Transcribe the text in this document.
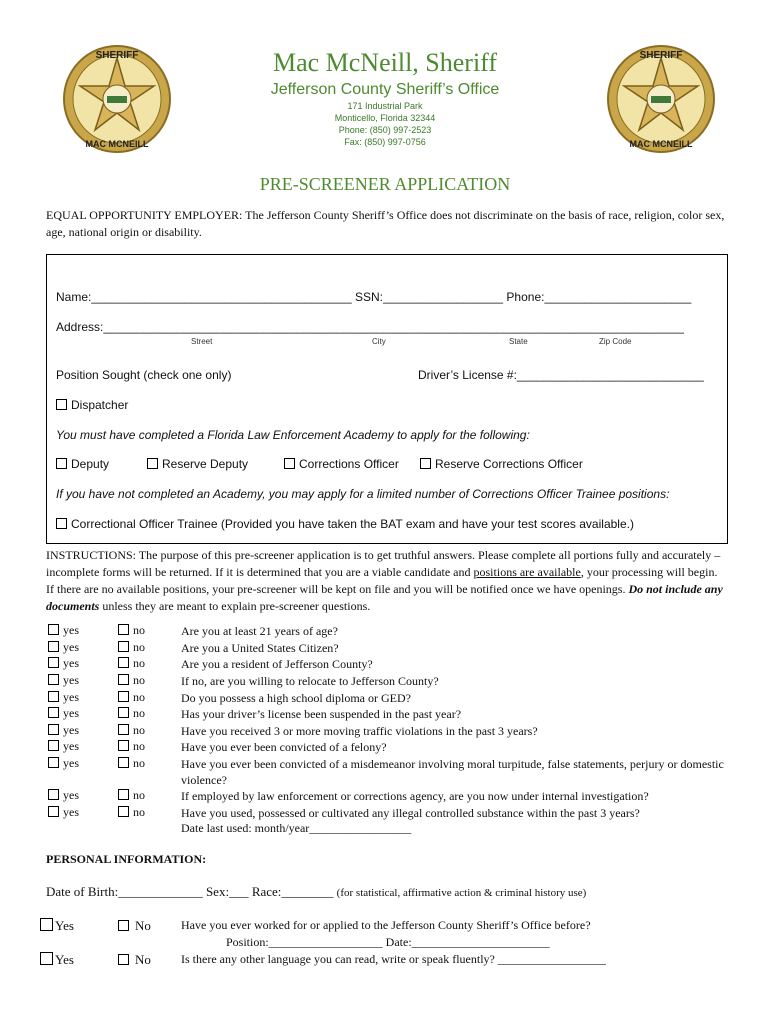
SHERIFF
MAC MCNEILL
SHERIFF
MAC MCNEILL
Mac McNeill, Sheriff
Jefferson County Sheriff’s Office
171 Industrial Park
Monticello, Florida 32344
Phone: (850) 997-2523
Fax: (850) 997-0756
PRE-SCREENER APPLICATION
EQUAL OPPORTUNITY EMPLOYER: The Jefferson County Sheriff’s Office does not discriminate on the basis of race, religion, color sex, age, national origin or disability.
Name:_______________________________________ SSN:__________________ Phone:______________________
Address:_______________________________________________________________________________________
Street	City	State	Zip Code
Position Sought (check one only)	Driver’s License #:____________________________
Dispatcher
You must have completed a Florida Law Enforcement Academy to apply for the following:
Deputy	Reserve Deputy	Corrections Officer	Reserve Corrections Officer
If you have not completed an Academy, you may apply for a limited number of Corrections Officer Trainee positions:
Correctional Officer Trainee (Provided you have taken the BAT exam and have your test scores available.)
INSTRUCTIONS: The purpose of this pre-screener application is to get truthful answers. Please complete all portions fully and accurately – incomplete forms will be returned. If it is determined that you are a viable candidate and positions are available, your processing will begin. If there are no available positions, your pre-screener will be kept on file and you will be notified once we have openings. Do not include any documents unless they are meant to explain pre-screener questions.
yes	no	Are you at least 21 years of age?
yes	no	Are you a United States Citizen?
yes	no	Are you a resident of Jefferson County?
yes	no	If no, are you willing to relocate to Jefferson County?
yes	no	Do you possess a high school diploma or GED?
yes	no	Has your driver’s license been suspended in the past year?
yes	no	Have you received 3 or more moving traffic violations in the past 3 years?
yes	no	Have you ever been convicted of a felony?
yes	no	Have you ever been convicted of a misdemeanor involving moral turpitude, false statements, perjury or domestic violence?
yes	no	If employed by law enforcement or corrections agency, are you now under internal investigation?
yes	no	Have you used, possessed or cultivated any illegal controlled substance within the past 3 years?
Date last used: month/year_________________
PERSONAL INFORMATION:
Date of Birth:_____________ Sex:___ Race:________ (for statistical, affirmative action & criminal history use)
Yes	No	Have you ever worked for or applied to the Jefferson County Sheriff’s Office before?
Position:___________________ Date:_______________________
Yes	No	Is there any other language you can read, write or speak fluently? __________________
